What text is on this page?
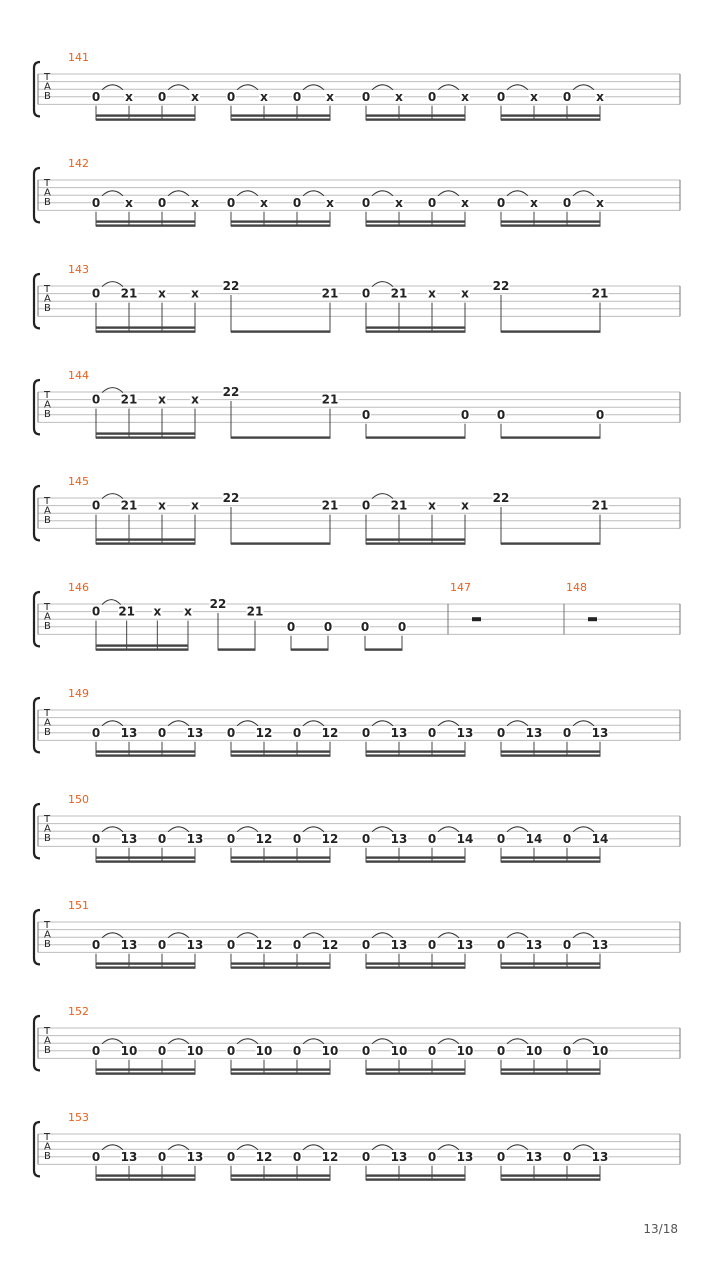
T
A
B
141
0 x 0 x 0 x 0 x 0 x 0 x 0 x 0 x
T
A
B
142
0 x 0 x 0 x 0 x 0 x 0 x 0 x 0 x
T
A
B
143
0 21 x x
22
21 0 21 x x
22
21
T
A
B
144
0 21 x x
22
21
0	0 0	0
T
A
B
145
0 21 x x
22
21 0 21 x x
22
21
T
A
B
146
0 21 x x
22
21
0 0 0 0
147	148
T
A
B
149
0 13 0 13 0 12 0 12 0 13 0 13 0 13 0 13
T
A
B
150
0 13 0 13 0 12 0 12 0 13 0 14 0 14 0 14
T
A
B
151
0 13 0 13 0 12 0 12 0 13 0 13 0 13 0 13
T
A
B
152
0 10 0 10 0 10 0 10 0 10 0 10 0 10 0 10
T
A
B
153
0 13 0 13 0 12 0 12 0 13 0 13 0 13 0 13
13/18
